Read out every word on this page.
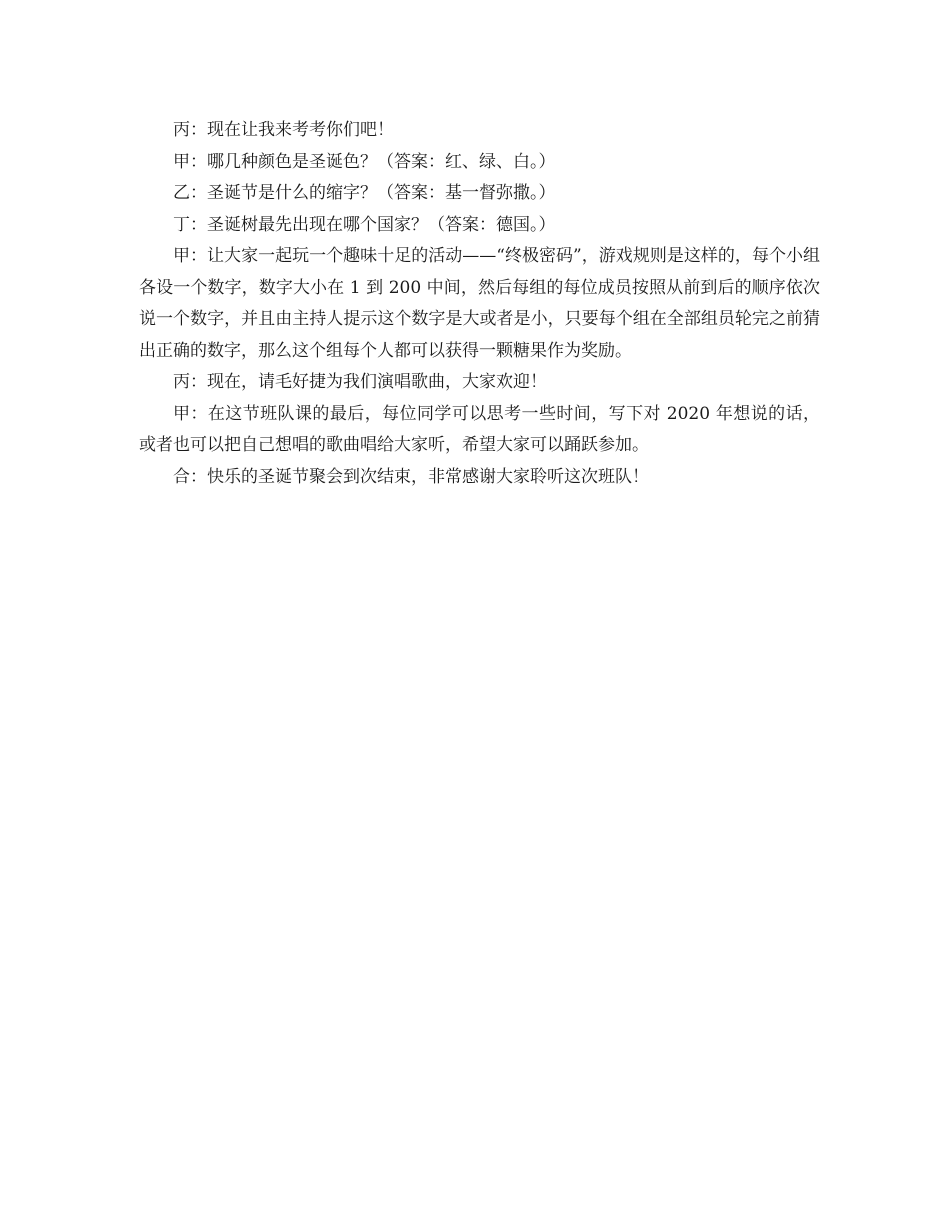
丙：现在让我来考考你们吧！

甲：哪几种颜色是圣诞色？（答案：红、绿、白。）

乙：圣诞节是什么的缩字？（答案：基一督弥撒。）

丁：圣诞树最先出现在哪个国家？（答案：德国。）

甲：让大家一起玩一个趣味十足的活动——“终极密码”，游戏规则是这样的，每个小组各设一个数字，数字大小在 1 到 200 中间，然后每组的每位成员按照从前到后的顺序依次说一个数字，并且由主持人提示这个数字是大或者是小，只要每个组在全部组员轮完之前猜出正确的数字，那么这个组每个人都可以获得一颗糖果作为奖励。

丙：现在，请毛好捷为我们演唱歌曲，大家欢迎！

甲：在这节班队课的最后，每位同学可以思考一些时间，写下对 2020 年想说的话，或者也可以把自己想唱的歌曲唱给大家听，希望大家可以踊跃参加。

合：快乐的圣诞节聚会到次结束，非常感谢大家聆听这次班队！
